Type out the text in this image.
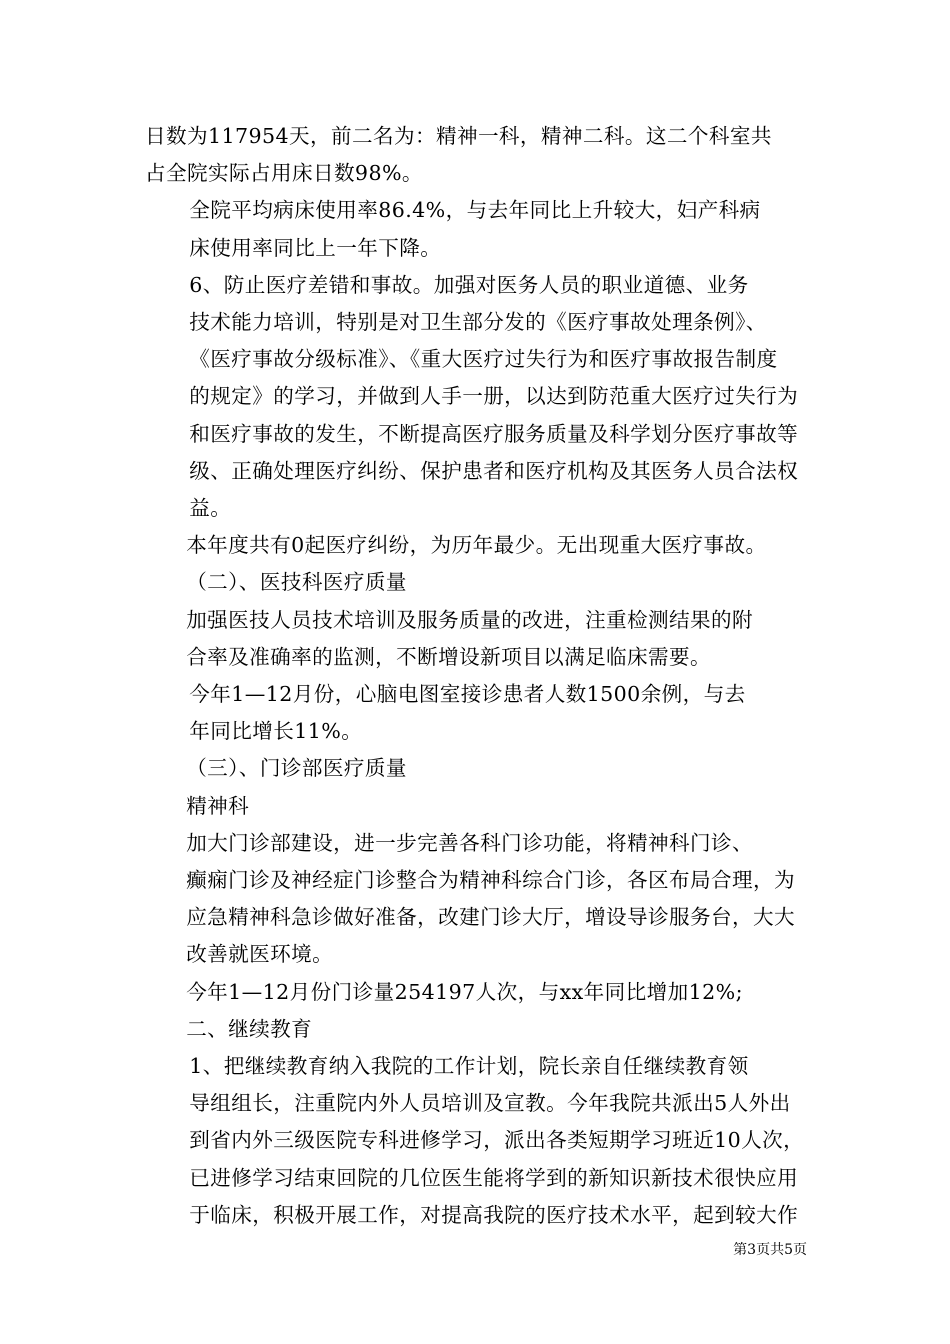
日数为117954天，前二名为：精神一科，精神二科。这二个科室共
占全院实际占用床日数98%。

全院平均病床使用率86.4%，与去年同比上升较大，妇产科病
床使用率同比上一年下降。

6、防止医疗差错和事故。加强对医务人员的职业道德、业务
技术能力培训，特别是对卫生部分发的《医疗事故处理条例》、
《医疗事故分级标准》、《重大医疗过失行为和医疗事故报告制度
的规定》的学习，并做到人手一册，以达到防范重大医疗过失行为
和医疗事故的发生，不断提高医疗服务质量及科学划分医疗事故等
级、正确处理医疗纠纷、保护患者和医疗机构及其医务人员合法权
益。

本年度共有0起医疗纠纷，为历年最少。无出现重大医疗事故。

（二）、医技科医疗质量

加强医技人员技术培训及服务质量的改进，注重检测结果的附
合率及准确率的监测，不断增设新项目以满足临床需要。

今年1—12月份，心脑电图室接诊患者人数1500余例，与去
年同比增长11%。

（三）、门诊部医疗质量

精神科

加大门诊部建设，进一步完善各科门诊功能，将精神科门诊、
癫痫门诊及神经症门诊整合为精神科综合门诊，各区布局合理，为
应急精神科急诊做好准备，改建门诊大厅，增设导诊服务台，大大
改善就医环境。

今年1—12月份门诊量254197人次，与xx年同比增加12%;

二、继续教育

1、把继续教育纳入我院的工作计划，院长亲自任继续教育领
导组组长，注重院内外人员培训及宣教。今年我院共派出5人外出
到省内外三级医院专科进修学习，派出各类短期学习班近10人次，
已进修学习结束回院的几位医生能将学到的新知识新技术很快应用
于临床，积极开展工作，对提高我院的医疗技术水平，起到较大作

第3页共5页
